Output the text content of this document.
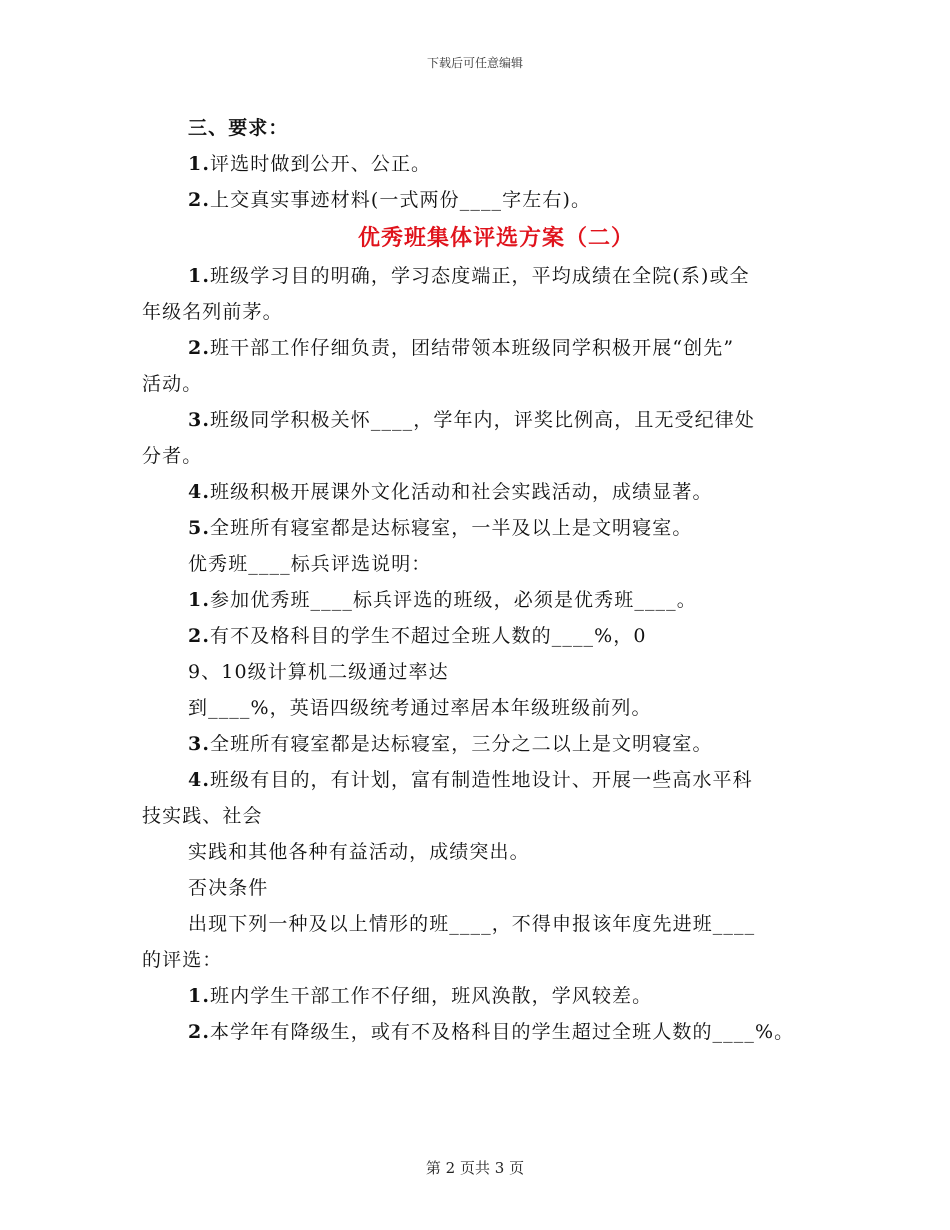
下载后可任意编辑
三、要求：
1.评选时做到公开、公正。
2.上交真实事迹材料(一式两份____字左右)。
优秀班集体评选方案（二）
1.班级学习目的明确，学习态度端正，平均成绩在全院(系)或全
年级名列前茅。
2.班干部工作仔细负责，团结带领本班级同学积极开展“创先”
活动。
3.班级同学积极关怀____，学年内，评奖比例高，且无受纪律处
分者。
4.班级积极开展课外文化活动和社会实践活动，成绩显著。
5.全班所有寝室都是达标寝室，一半及以上是文明寝室。
优秀班____标兵评选说明：
1.参加优秀班____标兵评选的班级，必须是优秀班____。
2.有不及格科目的学生不超过全班人数的____%，0
9、10级计算机二级通过率达
到____%，英语四级统考通过率居本年级班级前列。
3.全班所有寝室都是达标寝室，三分之二以上是文明寝室。
4.班级有目的，有计划，富有制造性地设计、开展一些高水平科
技实践、社会
实践和其他各种有益活动，成绩突出。
否决条件
出现下列一种及以上情形的班____，不得申报该年度先进班____
的评选：
1.班内学生干部工作不仔细，班风涣散，学风较差。
2.本学年有降级生，或有不及格科目的学生超过全班人数的____%。
第 2 页共 3 页
